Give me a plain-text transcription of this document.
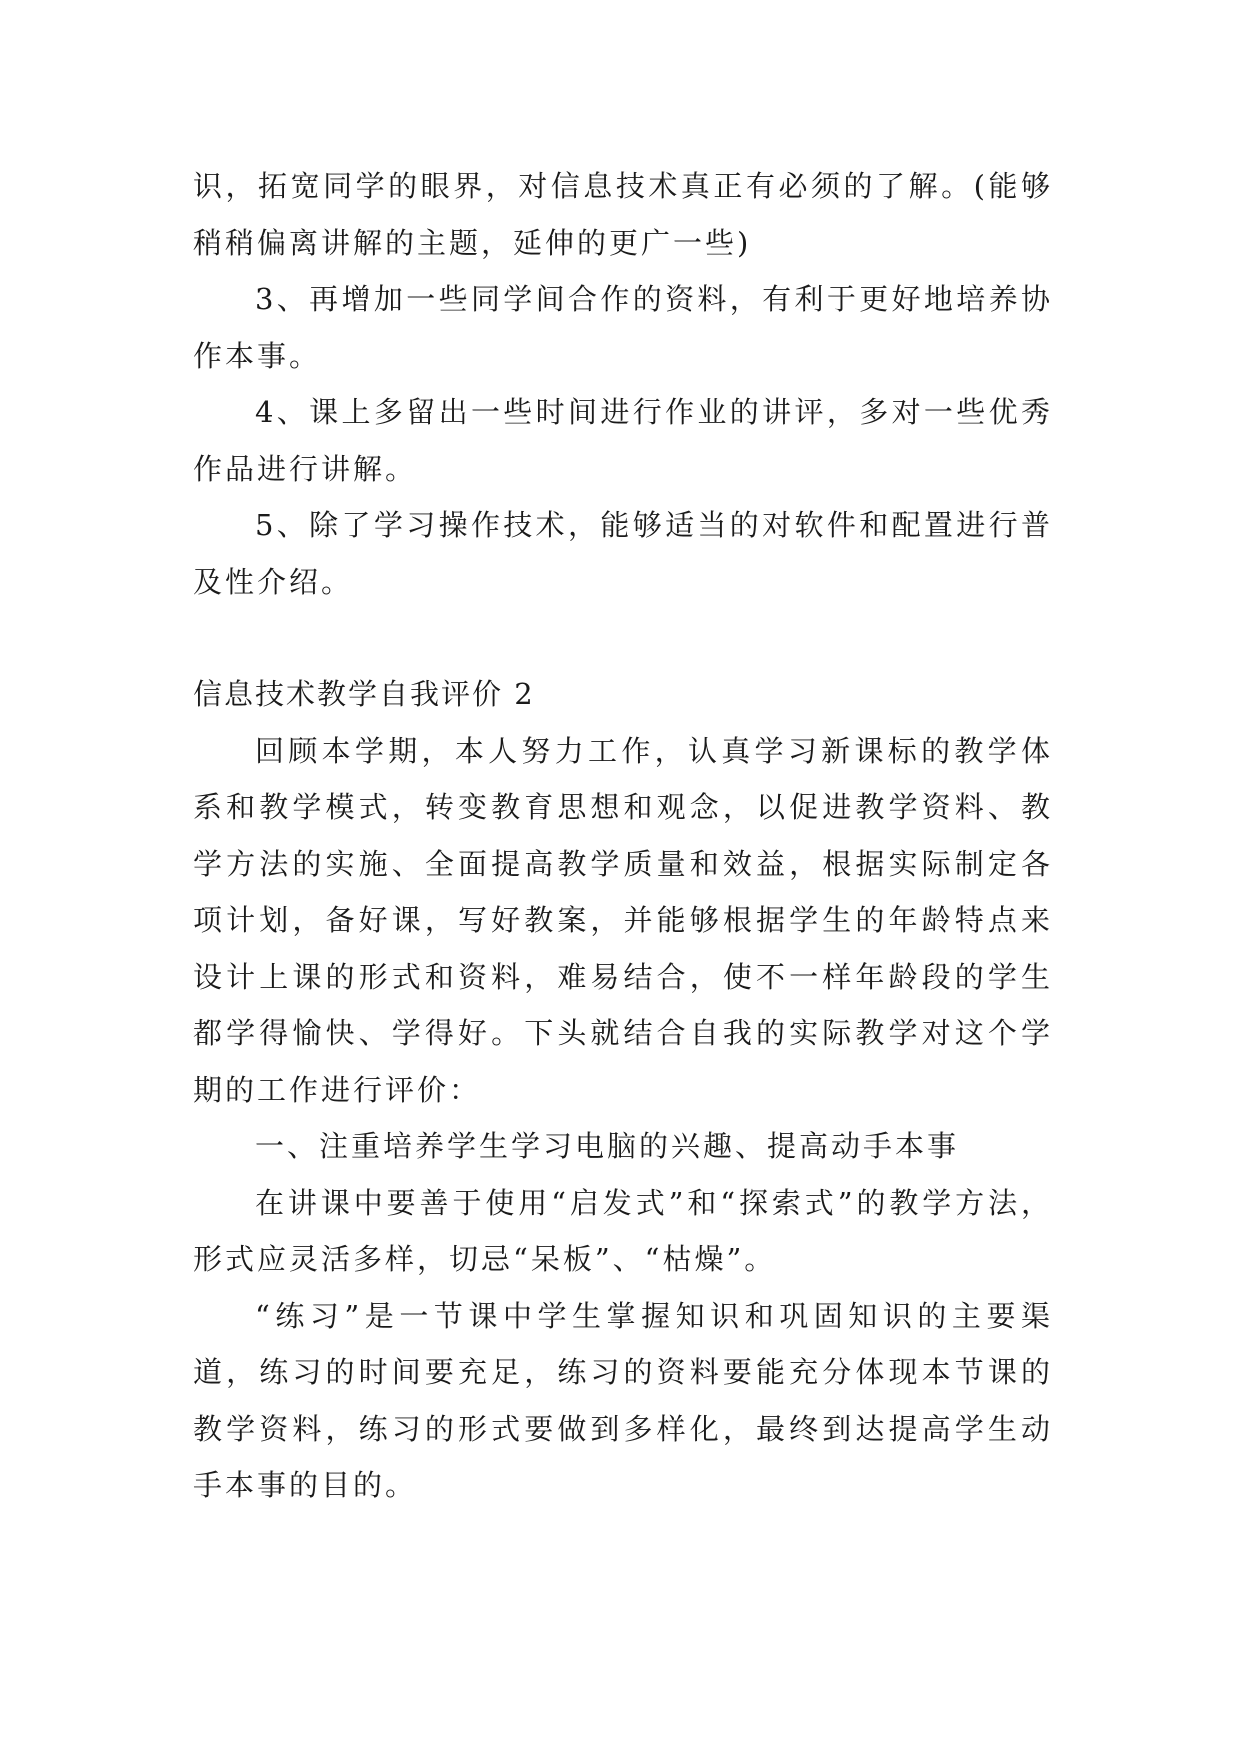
识，拓宽同学的眼界，对信息技术真正有必须的了解。(能够稍稍偏离讲解的主题，延伸的更广一些)

3、再增加一些同学间合作的资料，有利于更好地培养协作本事。

4、课上多留出一些时间进行作业的讲评，多对一些优秀作品进行讲解。

5、除了学习操作技术，能够适当的对软件和配置进行普及性介绍。

信息技术教学自我评价 2

回顾本学期，本人努力工作，认真学习新课标的教学体系和教学模式，转变教育思想和观念，以促进教学资料、教学方法的实施、全面提高教学质量和效益，根据实际制定各项计划，备好课，写好教案，并能够根据学生的年龄特点来设计上课的形式和资料，难易结合，使不一样年龄段的学生都学得愉快、学得好。下头就结合自我的实际教学对这个学期的工作进行评价：

一、注重培养学生学习电脑的兴趣、提高动手本事

在讲课中要善于使用“启发式”和“探索式”的教学方法，形式应灵活多样，切忌“呆板”、“枯燥”。

“练习”是一节课中学生掌握知识和巩固知识的主要渠道，练习的时间要充足，练习的资料要能充分体现本节课的教学资料，练习的形式要做到多样化，最终到达提高学生动手本事的目的。
